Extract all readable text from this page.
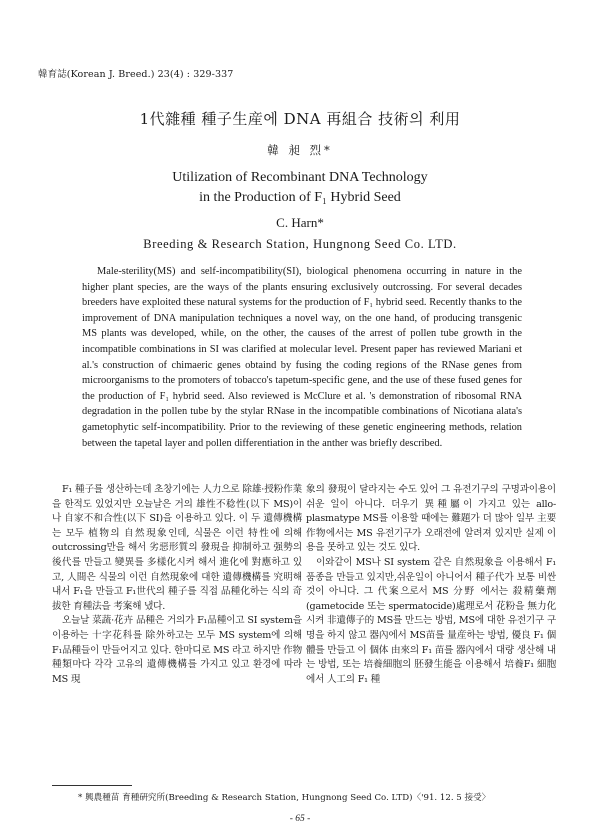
韓育誌(Korean J. Breed.) 23(4) : 329-337
1代雜種 種子生産에 DNA 再組合 技術의 利用
韓 昶 烈*
Utilization of Recombinant DNA Technology
in the Production of F₁ Hybrid Seed
C. Harn*
Breeding & Research Station, Hungnong Seed Co. LTD.

Male-sterility(MS) and self-incompatibility(SI), biological phenomena occurring in nature in the higher plant species, are the ways of the plants ensuring exclusively outcrossing. For several decades breeders have exploited these natural systems for the production of F₁ hybrid seed. Recently thanks to the improvement of DNA manipulation techniques a novel way, on the one hand, of producing transgenic MS plants was developed, while, on the other, the causes of the arrest of pollen tube growth in the incompatible combinations in SI was clarified at molecular level. Present paper has reviewed Mariani et al.'s construction of chimaeric genes obtaind by fusing the coding regions of the RNase genes from microorganisms to the promoters of tobacco's tapetum-specific gene, and the use of these fused genes for the production of F₁ hybrid seed. Also reviewed is McClure et al. 's demonstration of ribosomal RNA degradation in the pollen tube by the stylar RNase in the incompatible combinations of Nicotiana alata's gametophytic self-incompatibility. Prior to the reviewing of these genetic engineering methods, relation between the tapetal layer and pollen differentiation in the anther was briefly described.

F₁ 種子를 생산하는데 초창기에는 人力으로 除雄·授粉作業을 한적도 있었지만 오늘날은 거의 雄性不稔性(以下 MS)이나 自家不和合性(以下 SI)을 이용하고 있다. 이 두 遺傳機構는 모두 植物의 自然現象인데, 식물은 이런 特性에 의해 outcrossing만을 해서 劣惡形質의 發現을 抑制하고 强勢의 後代를 만들고 變異를 多樣化시켜 해서 進化에 對應하고 있고, 人間은 식물의 이런 自然現象에 대한 遺傳機構를 究明해 내서 F₁을 만들고 F₁世代의 種子를 직접 品種化하는 식의 奇拔한 育種法을 考案해 냈다.

오늘날 菜蔬·花卉 品種은 거의가 F₁品種이고 SI system을 이용하는 十字花科를 除外하고는 모두 MS system에 의해 F₁品種들이 만들어지고 있다. 한마디로 MS 라고 하지만 作物 種類마다 각각 고유의 遺傳機構를 가지고 있고 환경에 따라 MS 現

象의 發現이 달라지는 수도 있어 그 유전기구의 구명과이용이 쉬운 일이 아니다. 더우기 異種屬이 가지고 있는 allo-plasmatype MS를 이용할 때에는 難題가 더 많아 일부 主要 作物에서는 MS 유전기구가 오래전에 알려져 있지만 실제 이용을 못하고 있는 것도 있다.

이와같이 MS나 SI system 같은 自然現象을 이용해서 F₁품종을 만들고 있지만,쉬운일이 아니어서 種子代가 보통 비싼 것이 아니다. 그 代案으로서 MS 分野 에서는 殺精藥劑(gametocide 또는 spermatocide)處理로서 花粉을 無力化시켜 非遺傳子的 MS를 만드는 방법, MS에 대한 유전기구 구명을 하지 않고 器內에서 MS苗를 量産하는 방법, 優良 F₁ 個體를 만들고 이 個体 由來의 F₁ 苗를 器內에서 대량 생산해 내는 방법, 또는 培養細胞의 胚發生能을 이용해서 培養F₁ 細胞에서 人工의 F₁ 種

* 興農種苗 育種硏究所(Breeding & Research Station, Hungnong Seed Co. LTD)〈'91. 12. 5 接受〉
- 65 -
